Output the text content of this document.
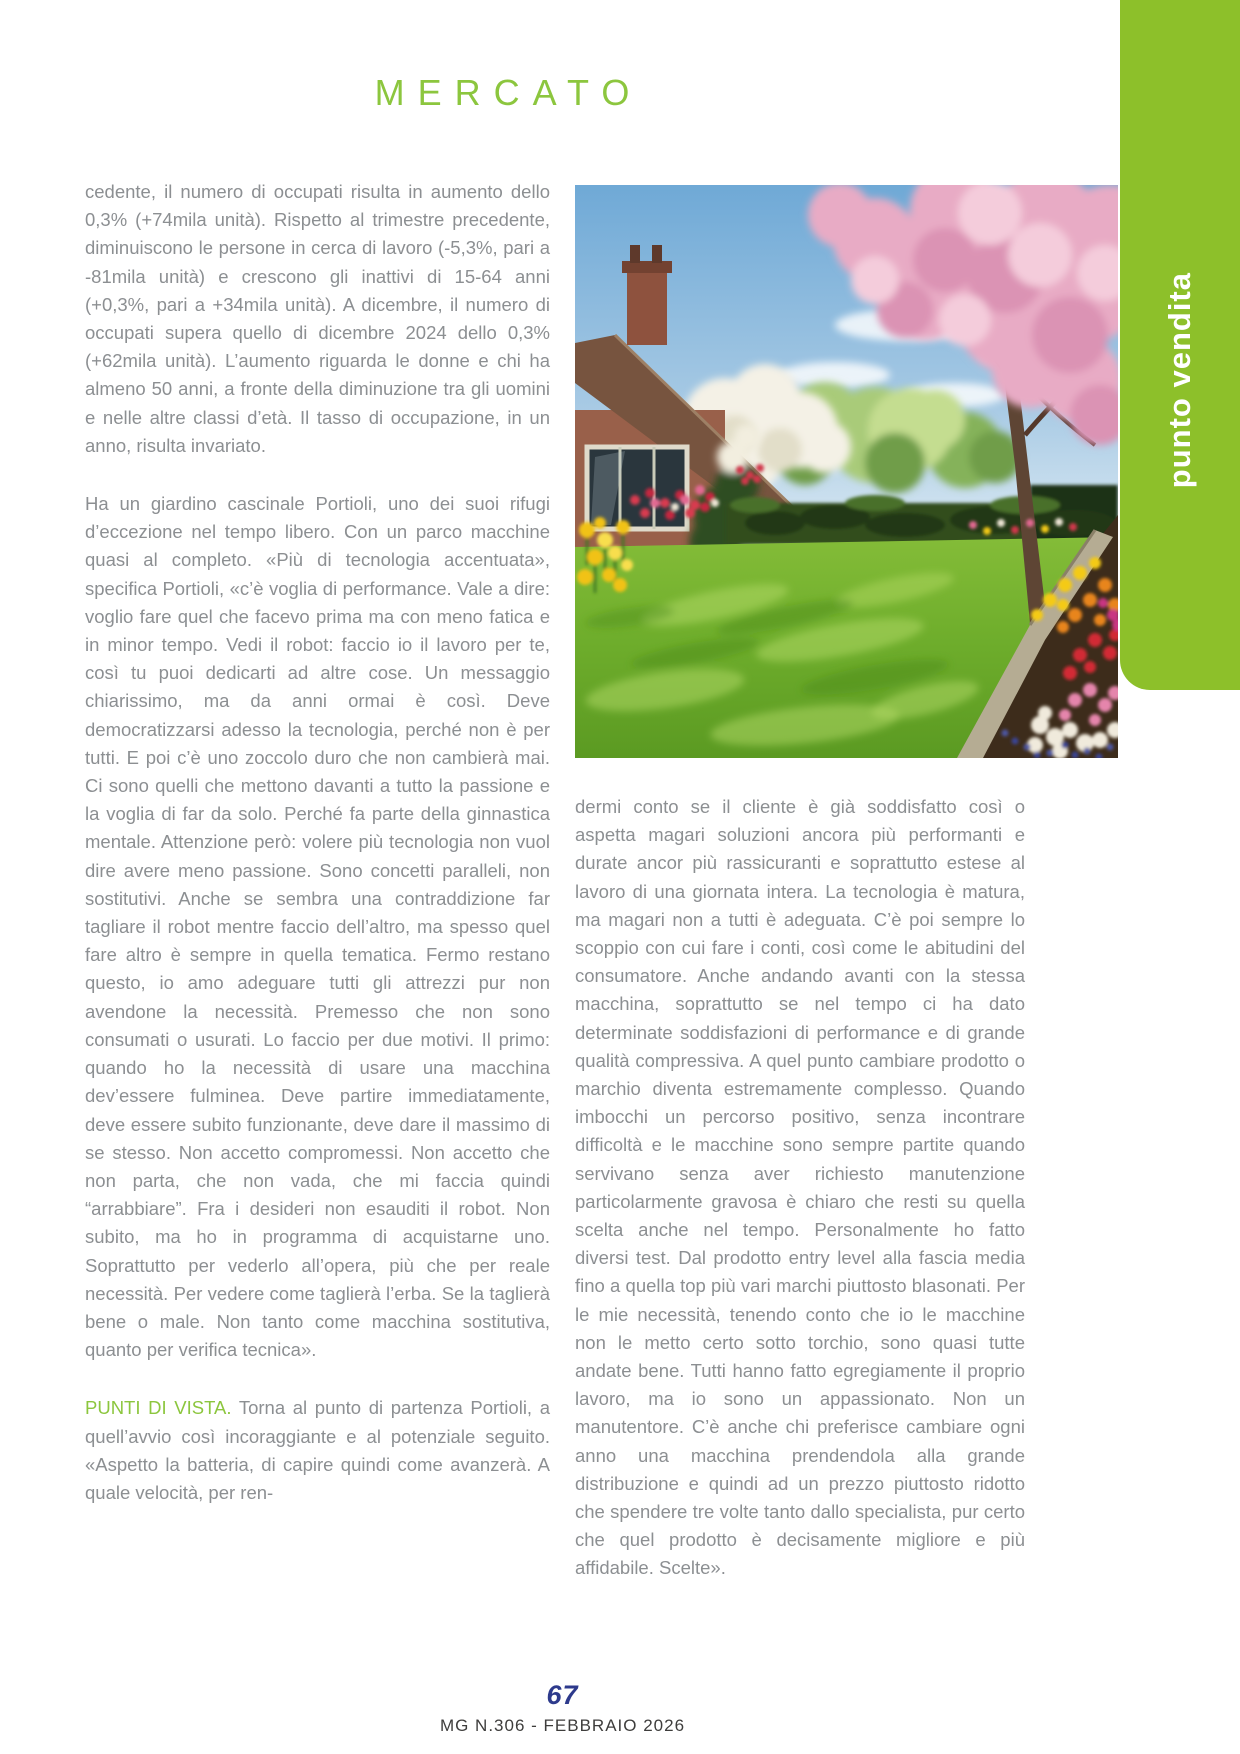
MERCATO
punto vendita

cedente, il numero di occupati risulta in aumento dello 0,3% (+74mila unità). Rispetto al trimestre precedente, diminuiscono le persone in cerca di lavoro (-5,3%, pari a -81mila unità) e crescono gli inattivi di 15-64 anni (+0,3%, pari a +34mila unità). A dicembre, il numero di occupati supera quello di dicembre 2024 dello 0,3% (+62mila unità). L’aumento riguarda le donne e chi ha almeno 50 anni, a fronte della diminuzione tra gli uomini e nelle altre classi d’età. Il tasso di occupazione, in un anno, risulta invariato.

Ha un giardino cascinale Portioli, uno dei suoi rifugi d’eccezione nel tempo libero. Con un parco macchine quasi al completo. «Più di tecnologia accentuata», specifica Portioli, «c’è voglia di performance. Vale a dire: voglio fare quel che facevo prima ma con meno fatica e in minor tempo. Vedi il robot: faccio io il lavoro per te, così tu puoi dedicarti ad altre cose. Un messaggio chiarissimo, ma da anni ormai è così. Deve democratizzarsi adesso la tecnologia, perché non è per tutti. E poi c’è uno zoccolo duro che non cambierà mai. Ci sono quelli che mettono davanti a tutto la passione e la voglia di far da solo. Perché fa parte della ginnastica mentale. Attenzione però: volere più tecnologia non vuol dire avere meno passione. Sono concetti paralleli, non sostitutivi. Anche se sembra una contraddizione far tagliare il robot mentre faccio dell’altro, ma spesso quel fare altro è sempre in quella tematica. Fermo restano questo, io amo adeguare tutti gli attrezzi pur non avendone la necessità. Premesso che non sono consumati o usurati. Lo faccio per due motivi. Il primo: quando ho la necessità di usare una macchina dev’essere fulminea. Deve partire immediatamente, deve essere subito funzionante, deve dare il massimo di se stesso. Non accetto compromessi. Non accetto che non parta, che non vada, che mi faccia quindi “arrabbiare”. Fra i desideri non esauditi il robot. Non subito, ma ho in programma di acquistarne uno. Soprattutto per vederlo all’opera, più che per reale necessità. Per vedere come taglierà l’erba. Se la taglierà bene o male. Non tanto come macchina sostitutiva, quanto per verifica tecnica».

PUNTI DI VISTA. Torna al punto di partenza Portioli, a quell’avvio così incoraggiante e al potenziale seguito. «Aspetto la batteria, di capire quindi come avanzerà. A quale velocità, per ren-

dermi conto se il cliente è già soddisfatto così o aspetta magari soluzioni ancora più performanti e durate ancor più rassicuranti e soprattutto estese al lavoro di una giornata intera. La tecnologia è matura, ma magari non a tutti è adeguata. C’è poi sempre lo scoppio con cui fare i conti, così come le abitudini del consumatore. Anche andando avanti con la stessa macchina, soprattutto se nel tempo ci ha dato determinate soddisfazioni di performance e di grande qualità compressiva. A quel punto cambiare prodotto o marchio diventa estremamente complesso. Quando imbocchi un percorso positivo, senza incontrare difficoltà e le macchine sono sempre partite quando servivano senza aver richiesto manutenzione particolarmente gravosa è chiaro che resti su quella scelta anche nel tempo. Personalmente ho fatto diversi test. Dal prodotto entry level alla fascia media fino a quella top più vari marchi piuttosto blasonati. Per le mie necessità, tenendo conto che io le macchine non le metto certo sotto torchio, sono quasi tutte andate bene. Tutti hanno fatto egregiamente il proprio lavoro, ma io sono un appassionato. Non un manutentore. C’è anche chi preferisce cambiare ogni anno una macchina prendendola alla grande distribuzione e quindi ad un prezzo piuttosto ridotto che spendere tre volte tanto dallo specialista, pur certo che quel prodotto è decisamente migliore e più affidabile. Scelte».

67
MG N.306 - FEBBRAIO 2026
